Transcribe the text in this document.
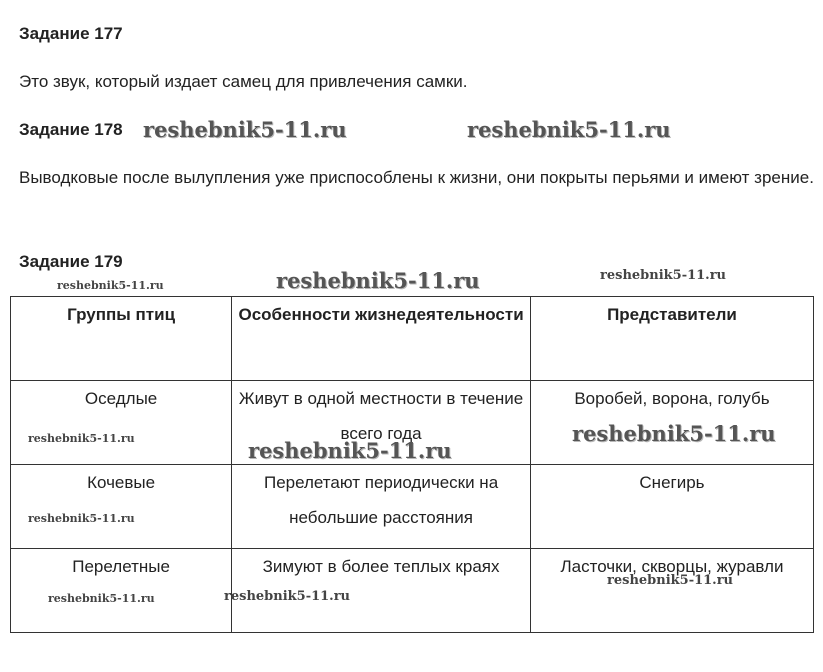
Задание 177

Это звук, который издает самец для привлечения самки.

Задание 178

Выводковые после вылупления уже приспособлены к жизни, они покрыты перьями и имеют зрение.

Задание 179
Группы птиц	Особенности жизнедеятельности	Представители
Оседлые	Живут в одной местности в течение всего года	Воробей, ворона, голубь
Кочевые	Перелетают периодически на небольшие расстояния	Снегирь
Перелетные	Зимуют в более теплых краях	Ласточки, скворцы, журавли
reshebnik5-11.ru	reshebnik5-11.ru
reshebnik5-11.ru
reshebnik5-11.ru
reshebnik5-11.ru
reshebnik5-11.ru	reshebnik5-11.ru
reshebnik5-11.ru
reshebnik5-11.ru
reshebnik5-11.ru
reshebnik5-11.ru	reshebnik5-11.ru
